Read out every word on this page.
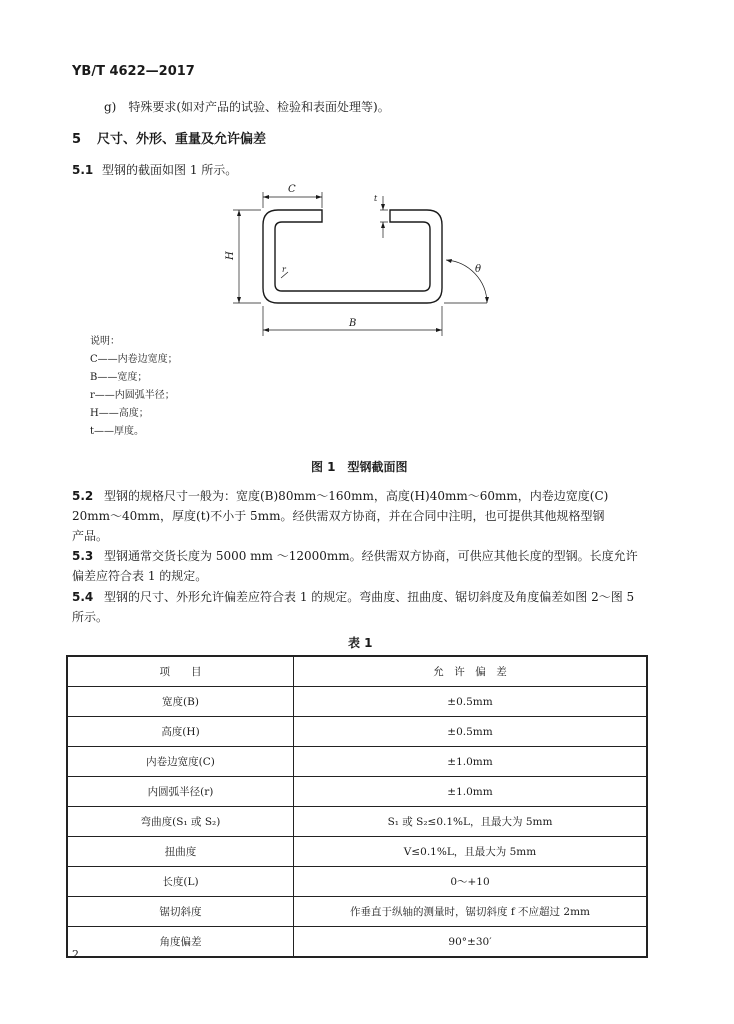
YB/T 4622—2017
g)　特殊要求(如对产品的试验、检验和表面处理等)。
5 尺寸、外形、重量及允许偏差
5.1 型钢的截面如图 1 所示。
C
t
H
r	θ
B
说明：
C——内卷边宽度；
B——宽度；
r——内圆弧半径；
H——高度；
t——厚度。
图 1　型钢截面图
5.2 型钢的规格尺寸一般为：宽度(B)80mm～160mm，高度(H)40mm～60mm，内卷边宽度(C)
20mm～40mm，厚度(t)不小于 5mm。经供需双方协商，并在合同中注明，也可提供其他规格型钢
产品。
5.3 型钢通常交货长度为 5000 mm ～12000mm。经供需双方协商，可供应其他长度的型钢。长度允许
偏差应符合表 1 的规定。
5.4 型钢的尺寸、外形允许偏差应符合表 1 的规定。弯曲度、扭曲度、锯切斜度及角度偏差如图 2～图 5
所示。
表 1
项　　目	允　许　偏　差
宽度(B)	±0.5mm
高度(H)	±0.5mm
内卷边宽度(C)	±1.0mm
内圆弧半径(r)	±1.0mm
弯曲度(S₁ 或 S₂)	S₁ 或 S₂≤0.1%L，且最大为 5mm
扭曲度	V≤0.1%L，且最大为 5mm
长度(L)	0～+10
锯切斜度	作垂直于纵轴的测量时，锯切斜度 f 不应超过 2mm
角度偏差	90°±30′
2
